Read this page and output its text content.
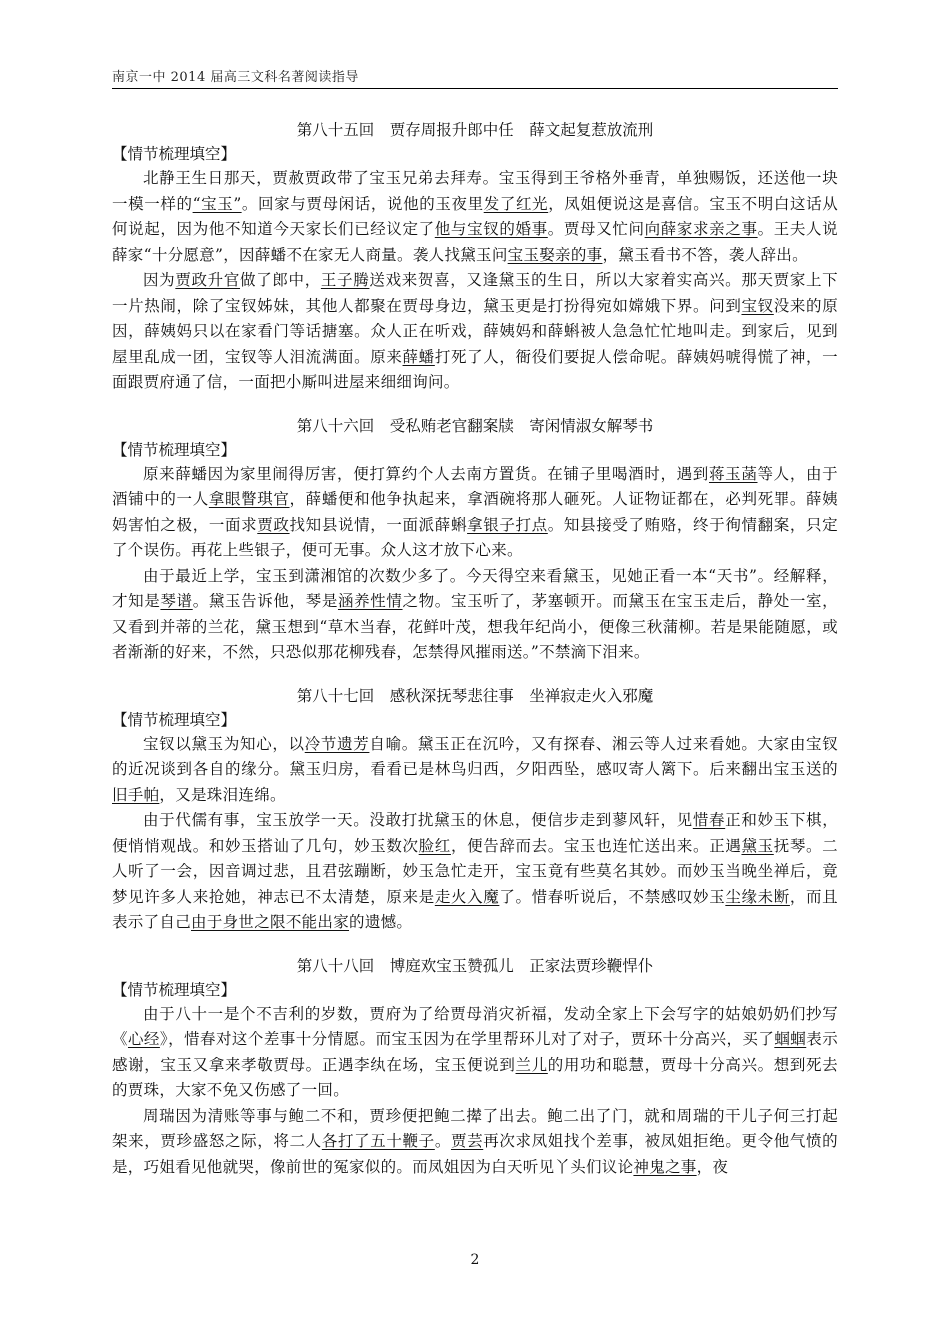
南京一中 2014 届高三文科名著阅读指导
第八十五回　贾存周报升郎中任　薛文起复惹放流刑
【情节梳理填空】

北静王生日那天，贾赦贾政带了宝玉兄弟去拜寿。宝玉得到王爷格外垂青，单独赐饭，还送他一块一模一样的“宝玉”。回家与贾母闲话，说他的玉夜里发了红光，凤姐便说这是喜信。宝玉不明白这话从何说起，因为他不知道今天家长们已经议定了他与宝钗的婚事。贾母又忙问向薛家求亲之事。王夫人说薛家“十分愿意”，因薛蟠不在家无人商量。袭人找黛玉问宝玉娶亲的事，黛玉看书不答，袭人辞出。

因为贾政升官做了郎中，王子腾送戏来贺喜，又逢黛玉的生日，所以大家着实高兴。那天贾家上下一片热闹，除了宝钗姊妹，其他人都聚在贾母身边，黛玉更是打扮得宛如嫦娥下界。问到宝钗没来的原因，薛姨妈只以在家看门等话搪塞。众人正在听戏，薛姨妈和薛蝌被人急急忙忙地叫走。到家后，见到屋里乱成一团，宝钗等人泪流满面。原来薛蟠打死了人，衙役们要捉人偿命呢。薛姨妈唬得慌了神，一面跟贾府通了信，一面把小厮叫进屋来细细询问。

第八十六回　受私贿老官翻案牍　寄闲情淑女解琴书
【情节梳理填空】

原来薛蟠因为家里闹得厉害，便打算约个人去南方置货。在铺子里喝酒时，遇到蒋玉菡等人，由于酒铺中的一人拿眼瞥琪官，薛蟠便和他争执起来，拿酒碗将那人砸死。人证物证都在，必判死罪。薛姨妈害怕之极，一面求贾政找知县说情，一面派薛蝌拿银子打点。知县接受了贿赂，终于徇情翻案，只定了个误伤。再花上些银子，便可无事。众人这才放下心来。

由于最近上学，宝玉到潇湘馆的次数少多了。今天得空来看黛玉，见她正看一本“天书”。经解释，才知是琴谱。黛玉告诉他，琴是涵养性情之物。宝玉听了，茅塞顿开。而黛玉在宝玉走后，静处一室，又看到并蒂的兰花，黛玉想到“草木当春，花鲜叶茂，想我年纪尚小，便像三秋蒲柳。若是果能随愿，或者渐渐的好来，不然，只恐似那花柳残春，怎禁得风摧雨送。”不禁滴下泪来。

第八十七回　感秋深抚琴悲往事　坐禅寂走火入邪魔
【情节梳理填空】

宝钗以黛玉为知心，以冷节遗芳自喻。黛玉正在沉吟，又有探春、湘云等人过来看她。大家由宝钗的近况谈到各自的缘分。黛玉归房，看看已是林鸟归西，夕阳西坠，感叹寄人篱下。后来翻出宝玉送的旧手帕，又是珠泪连绵。

由于代儒有事，宝玉放学一天。没敢打扰黛玉的休息，便信步走到蓼风轩，见惜春正和妙玉下棋，便悄悄观战。和妙玉搭讪了几句，妙玉数次脸红，便告辞而去。宝玉也连忙送出来。正遇黛玉抚琴。二人听了一会，因音调过悲，且君弦蹦断，妙玉急忙走开，宝玉竟有些莫名其妙。而妙玉当晚坐禅后，竟梦见许多人来抢她，神志已不太清楚，原来是走火入魔了。惜春听说后，不禁感叹妙玉尘缘未断，而且表示了自己由于身世之限不能出家的遗憾。

第八十八回　博庭欢宝玉赞孤儿　正家法贾珍鞭悍仆
【情节梳理填空】

由于八十一是个不吉利的岁数，贾府为了给贾母消灾祈福，发动全家上下会写字的姑娘奶奶们抄写《心经》，惜春对这个差事十分情愿。而宝玉因为在学里帮环儿对了对子，贾环十分高兴，买了蝈蝈表示感谢，宝玉又拿来孝敬贾母。正遇李纨在场，宝玉便说到兰儿的用功和聪慧，贾母十分高兴。想到死去的贾珠，大家不免又伤感了一回。

周瑞因为清账等事与鲍二不和，贾珍便把鲍二撵了出去。鲍二出了门，就和周瑞的干儿子何三打起架来，贾珍盛怒之际，将二人各打了五十鞭子。贾芸再次求凤姐找个差事，被凤姐拒绝。更令他气愤的是，巧姐看见他就哭，像前世的冤家似的。而凤姐因为白天听见丫头们议论神鬼之事，夜

2
